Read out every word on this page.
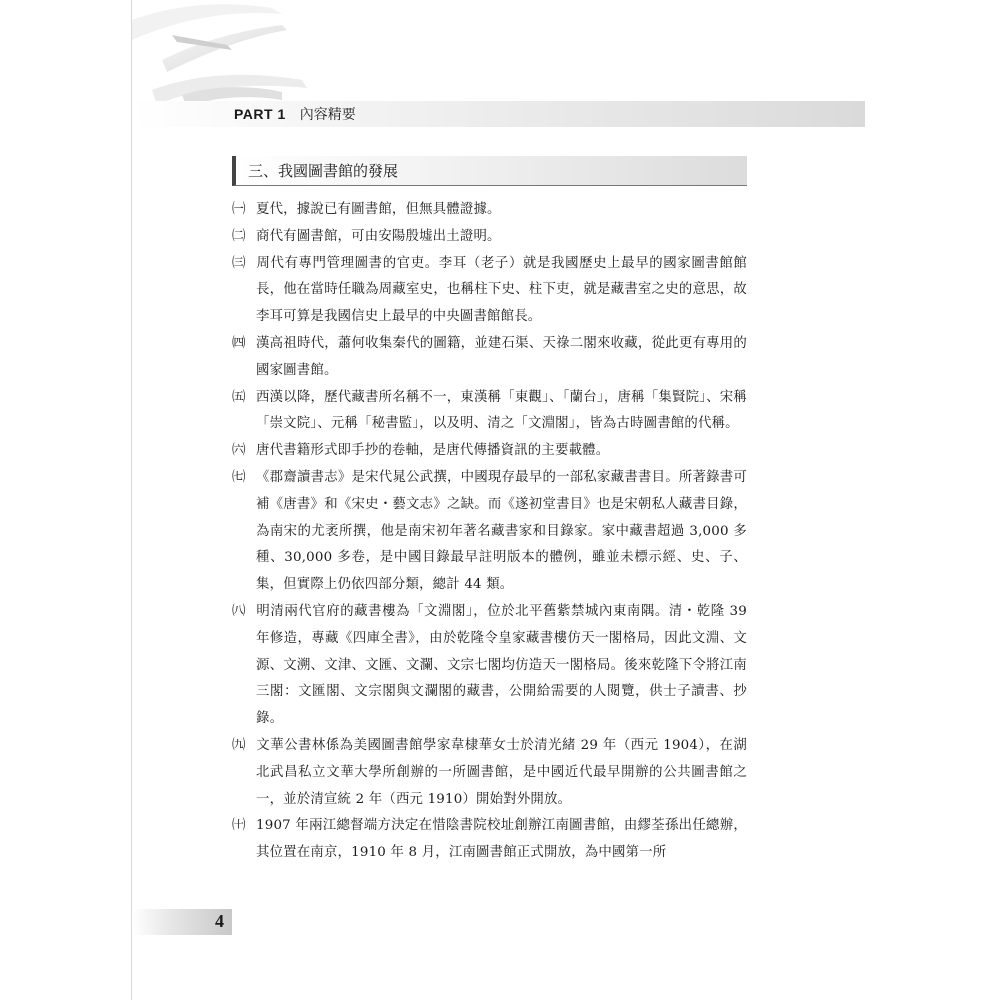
PART 1 內容精要
三、我國圖書館的發展

㈠ 夏代，據說已有圖書館，但無具體證據。

㈡ 商代有圖書館，可由安陽殷墟出土證明。

㈢ 周代有專門管理圖書的官吏。李耳（老子）就是我國歷史上最早的國家圖書館館長，他在當時任職為周藏室史，也稱柱下史、柱下吏，就是藏書室之史的意思，故李耳可算是我國信史上最早的中央圖書館館長。

㈣ 漢高祖時代，蕭何收集秦代的圖籍，並建石渠、天祿二閣來收藏，從此更有專用的國家圖書館。

㈤ 西漢以降，歷代藏書所名稱不一，東漢稱「東觀」、「蘭台」，唐稱「集賢院」、宋稱「崇文院」、元稱「秘書監」，以及明、清之「文淵閣」，皆為古時圖書館的代稱。

㈥ 唐代書籍形式即手抄的卷軸，是唐代傳播資訊的主要載體。

㈦ 《郡齋讀書志》是宋代晁公武撰，中國現存最早的一部私家藏書書目。所著錄書可補《唐書》和《宋史・藝文志》之缺。而《遂初堂書目》也是宋朝私人藏書目錄，為南宋的尤袤所撰，他是南宋初年著名藏書家和目錄家。家中藏書超過 3,000 多種、30,000 多卷，是中國目錄最早註明版本的體例，雖並未標示經、史、子、集，但實際上仍依四部分類，總計 44 類。

㈧ 明清兩代官府的藏書樓為「文淵閣」，位於北平舊紫禁城內東南隅。清・乾隆 39 年修造，專藏《四庫全書》，由於乾隆令皇家藏書樓仿天一閣格局，因此文淵、文源、文溯、文津、文匯、文瀾、文宗七閣均仿造天一閣格局。後來乾隆下令將江南三閣：文匯閣、文宗閣與文瀾閣的藏書，公開給需要的人閱覽，供士子讀書、抄錄。

㈨ 文華公書林係為美國圖書館學家韋棣華女士於清光緒 29 年（西元 1904），在湖北武昌私立文華大學所創辦的一所圖書館，是中國近代最早開辦的公共圖書館之一，並於清宣統 2 年（西元 1910）開始對外開放。

㈩ 1907 年兩江總督端方決定在惜陰書院校址創辦江南圖書館，由繆荃孫出任總辦，其位置在南京，1910 年 8 月，江南圖書館正式開放，為中國第一所

4
